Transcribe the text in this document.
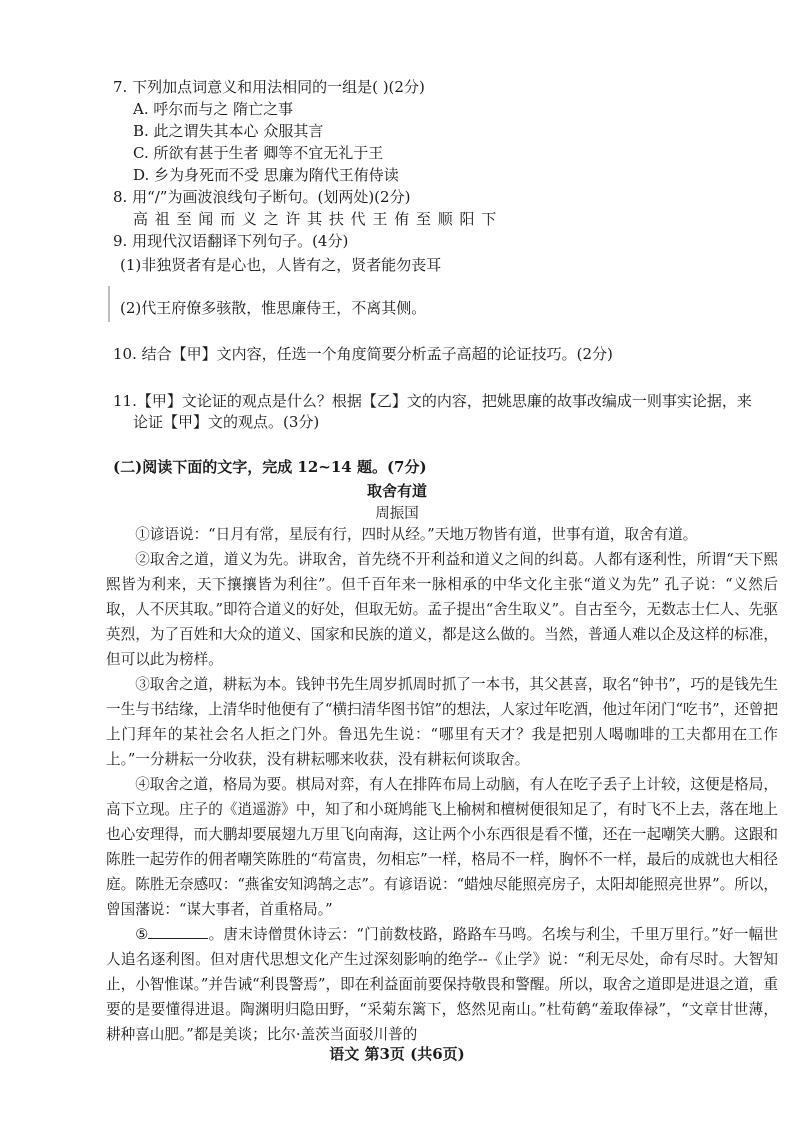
7. 下列加点词意义和用法相同的一组是( )(2分)
A. 呼尔而与之 隋亡之事
B. 此之谓失其本心 众服其言
C. 所欲有甚于生者 卿等不宜无礼于王
D. 乡为身死而不受 思廉为隋代王侑侍读
8. 用“/”为画波浪线句子断句。(划两处)(2分)
高 祖 至 闻 而 义 之 许 其 扶 代 王 侑 至 顺 阳 下
9. 用现代汉语翻译下列句子。(4分)
(1)非独贤者有是心也，人皆有之，贤者能勿丧耳
(2)代王府僚多骇散，惟思廉侍王，不离其侧。
10. 结合【甲】文内容，任选一个角度简要分析孟子高超的论证技巧。(2分)
11.【甲】文论证的观点是什么？根据【乙】文的内容，把姚思廉的故事改编成一则事实论据，来
论证【甲】文的观点。(3分)
(二)阅读下面的文字，完成 12~14 题。(7分)
取舍有道
周振国

①谚语说：“日月有常，星辰有行，四时从经。”天地万物皆有道，世事有道，取舍有道。

②取舍之道，道义为先。讲取舍，首先绕不开利益和道义之间的纠葛。人都有逐利性，所谓“天下熙熙皆为利来，天下攘攘皆为利往”。但千百年来一脉相承的中华文化主张“道义为先” 孔子说：“义然后取，人不厌其取。”即符合道义的好处，但取无妨。孟子提出“舍生取义”。自古至今，无数志士仁人、先驱英烈，为了百姓和大众的道义、国家和民族的道义，都是这么做的。当然，普通人难以企及这样的标准，但可以此为榜样。

③取舍之道，耕耘为本。钱钟书先生周岁抓周时抓了一本书，其父甚喜，取名“钟书”，巧的是钱先生一生与书结缘，上清华时他便有了“横扫清华图书馆”的想法，人家过年吃酒，他过年闭门“吃书”，还曾把上门拜年的某社会名人拒之门外。鲁迅先生说：“哪里有天才？我是把别人喝咖啡的工夫都用在工作上。”一分耕耘一分收获，没有耕耘哪来收获，没有耕耘何谈取舍。

④取舍之道，格局为要。棋局对弈，有人在排阵布局上动脑，有人在吃子丢子上计较，这便是格局，高下立现。庄子的《逍遥游》中，知了和小斑鸠能飞上榆树和檀树便很知足了，有时飞不上去，落在地上也心安理得，而大鹏却要展翅九万里飞向南海，这让两个小东西很是看不懂，还在一起嘲笑大鹏。这跟和陈胜一起劳作的佣者嘲笑陈胜的“苟富贵，勿相忘”一样，格局不一样，胸怀不一样，最后的成就也大相径庭。陈胜无奈感叹：“燕雀安知鸿鹄之志”。有谚语说：“蜡烛尽能照亮房子，太阳却能照亮世界”。所以，曾国藩说：“谋大事者，首重格局。”

⑤	。唐末诗僧贯休诗云：“门前数枝路，路路车马鸣。名埃与利尘，千里万里行。”好一幅世人追名逐利图。但对唐代思想文化产生过深刻影响的绝学--《止学》说：“利无尽处，命有尽时。大智知止，小智惟谋。”并告诫“利畏警焉”，即在利益面前要保持敬畏和警醒。所以，取舍之道即是进退之道，重要的是要懂得进退。陶渊明归隐田野，“采菊东篱下，悠然见南山。”杜荀鹤“羞取俸禄”，“文章甘世薄，耕种喜山肥。”都是美谈；比尔·盖茨当面驳川普的

语文 第3页 (共6页)
